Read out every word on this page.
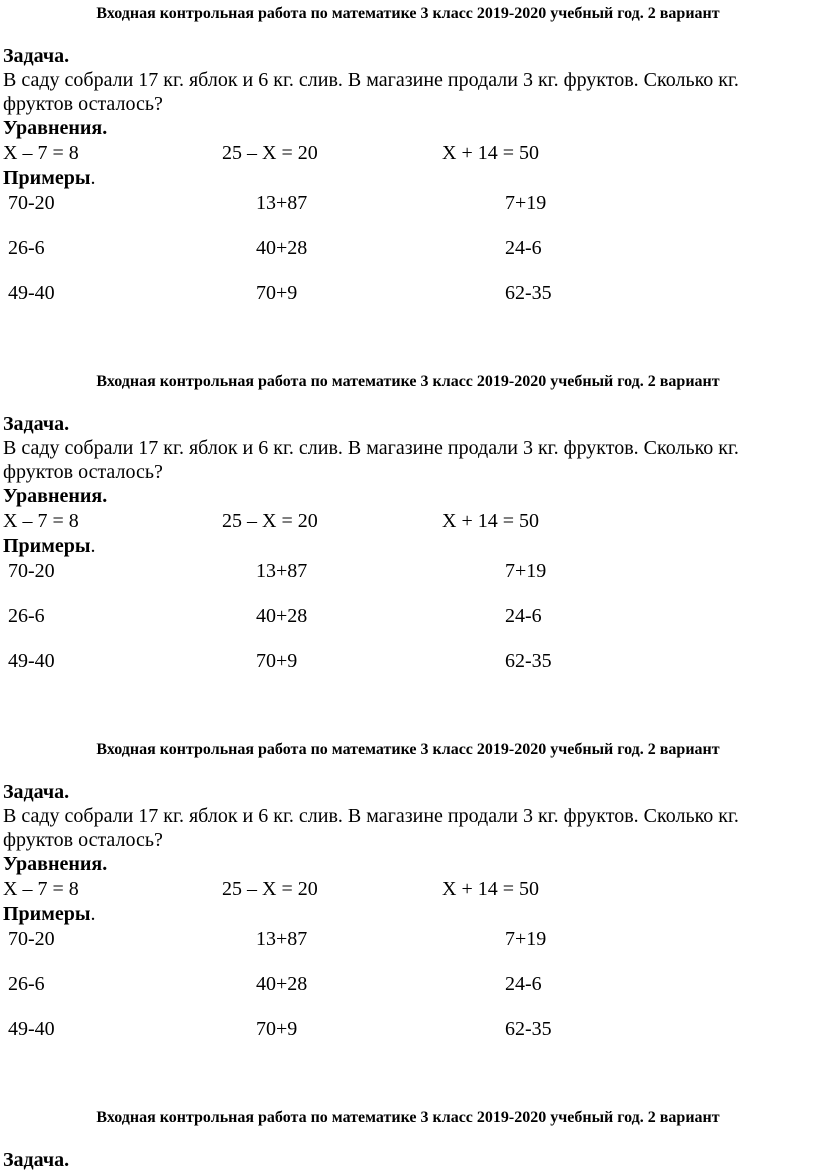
Входная контрольная работа по математике 3 класс 2019-2020 учебный год. 2 вариант
Задача.
В саду собрали 17 кг. яблок и 6 кг. слив. В магазине продали 3 кг. фруктов. Сколько кг.
фруктов осталось?
Уравнения.
Х – 7 = 8	25 – Х = 20	Х + 14 = 50
Примеры.
70-20	13+87	7+19
26-6	40+28	24-6
49-40	70+9	62-35
Входная контрольная работа по математике 3 класс 2019-2020 учебный год. 2 вариант
Задача.
В саду собрали 17 кг. яблок и 6 кг. слив. В магазине продали 3 кг. фруктов. Сколько кг.
фруктов осталось?
Уравнения.
Х – 7 = 8	25 – Х = 20	Х + 14 = 50
Примеры.
70-20	13+87	7+19
26-6	40+28	24-6
49-40	70+9	62-35
Входная контрольная работа по математике 3 класс 2019-2020 учебный год. 2 вариант
Задача.
В саду собрали 17 кг. яблок и 6 кг. слив. В магазине продали 3 кг. фруктов. Сколько кг.
фруктов осталось?
Уравнения.
Х – 7 = 8	25 – Х = 20	Х + 14 = 50
Примеры.
70-20	13+87	7+19
26-6	40+28	24-6
49-40	70+9	62-35
Входная контрольная работа по математике 3 класс 2019-2020 учебный год. 2 вариант
Задача.
